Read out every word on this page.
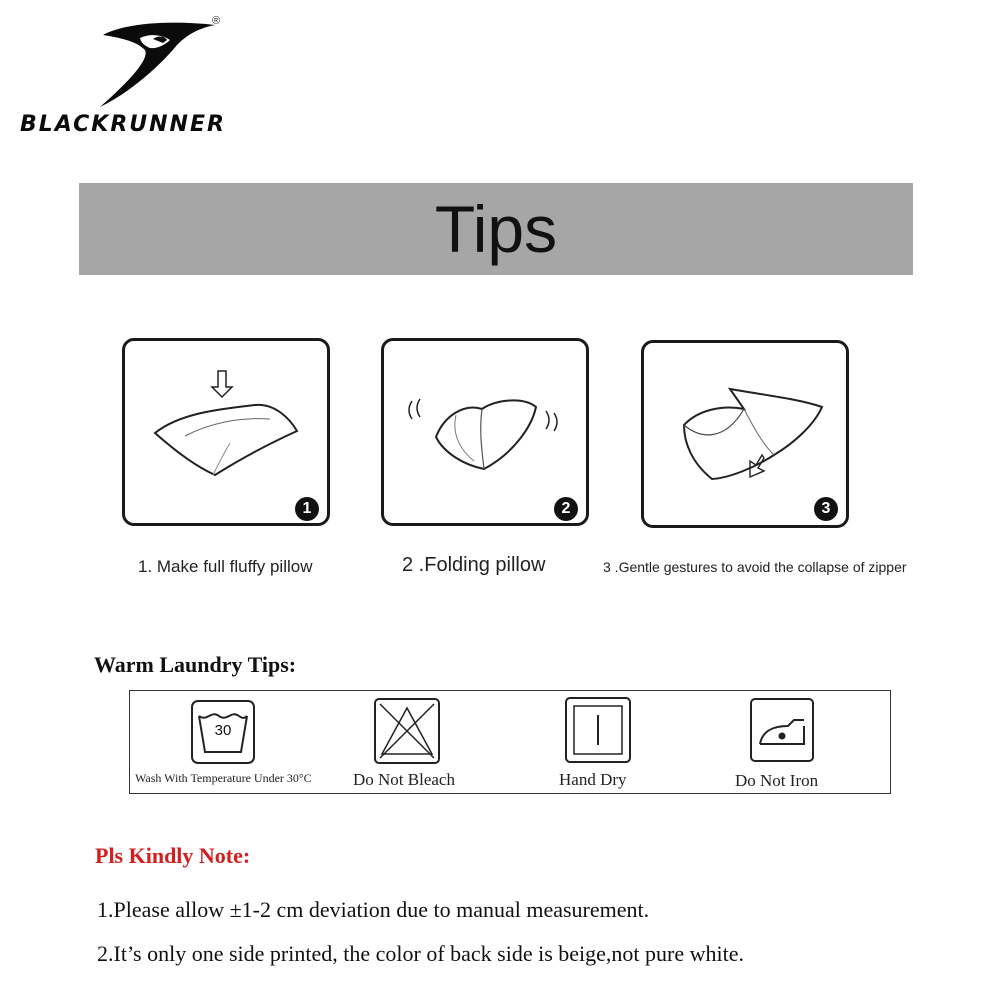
®
BLACKRUNNER
Tips
1
1. Make full fluffy pillow
2
2 .Folding pillow
3
3 .Gentle gestures to avoid the collapse of zipper
Warm Laundry Tips:
30
Wash With Temperature Under 30°C Do Not Bleach	Hand Dry	Do Not Iron
Pls Kindly Note:
1.Please allow ±1-2 cm deviation due to manual measurement.
2.It’s only one side printed, the color of back side is beige,not pure white.
